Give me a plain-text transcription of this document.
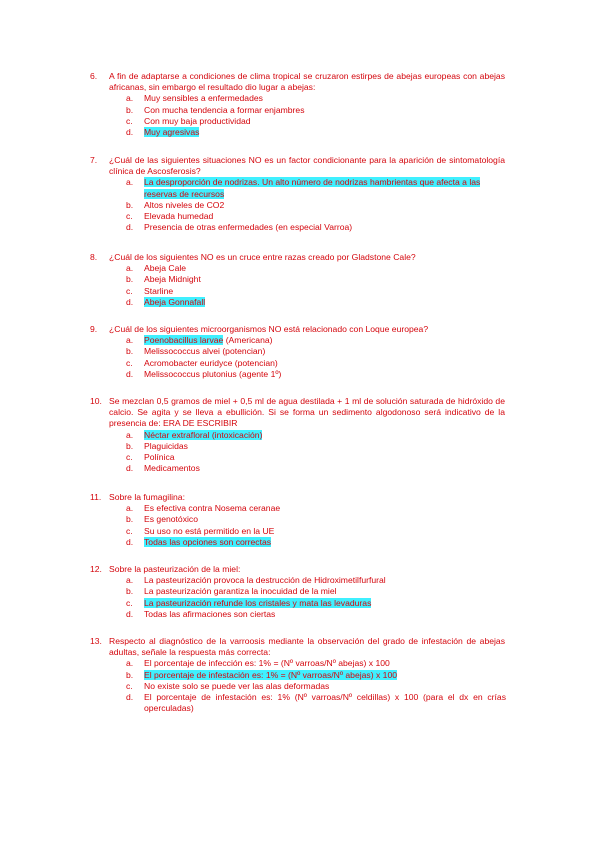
6. A fin de adaptarse a condiciones de clima tropical se cruzaron estirpes de abejas europeas con abejas africanas, sin embargo el resultado dio lugar a abejas:
a. Muy sensibles a enfermedades
b. Con mucha tendencia a formar enjambres
c. Con muy baja productividad
d. Muy agresivas
7. ¿Cuál de las siguientes situaciones NO es un factor condicionante para la aparición de sintomatología clínica de Ascosferosis?
a. La desproporción de nodrizas. Un alto número de nodrizas hambrientas que afecta a las reservas de recursos
b. Altos niveles de CO2
c. Elevada humedad
d. Presencia de otras enfermedades (en especial Varroa)
8. ¿Cuál de los siguientes NO es un cruce entre razas creado por Gladstone Cale?
a. Abeja Cale
b. Abeja Midnight
c. Starline
d. Abeja Gonnafall
9. ¿Cuál de los siguientes microorganismos NO está relacionado con Loque europea?
a. Poenobacillus larvae (Americana)
b. Melissococcus alvei (potencian)
c. Acromobacter euridyce (potencian)
d. Melissococcus plutonius (agente 1º)
10. Se mezclan 0,5 gramos de miel + 0,5 ml de agua destilada + 1 ml de solución saturada de hidróxido de calcio. Se agita y se lleva a ebullición. Si se forma un sedimento algodonoso será indicativo de la presencia de: ERA DE ESCRIBIR
a. Néctar extrafloral (intoxicación)
b. Plaguicidas
c. Polínica
d. Medicamentos
11. Sobre la fumagilina:
a. Es efectiva contra Nosema ceranae
b. Es genotóxico
c. Su uso no está permitido en la UE
d. Todas las opciones son correctas
12. Sobre la pasteurización de la miel:
a. La pasteurización provoca la destrucción de Hidroximetilfurfural
b. La pasteurización garantiza la inocuidad de la miel
c. La pasteurización refunde los cristales y mata las levaduras
d. Todas las afirmaciones son ciertas
13. Respecto al diagnóstico de la varroosis mediante la observación del grado de infestación de abejas adultas, señale la respuesta más correcta:
a. El porcentaje de infección es: 1% = (Nº varroas/Nº abejas) x 100
b. El porcentaje de infestación es: 1% = (Nº varroas/Nº abejas) x 100
c. No existe solo se puede ver las alas deformadas
d. El porcentaje de infestación es: 1% (Nº varroas/Nº celdillas) x 100 (para el dx en crías operculadas)
